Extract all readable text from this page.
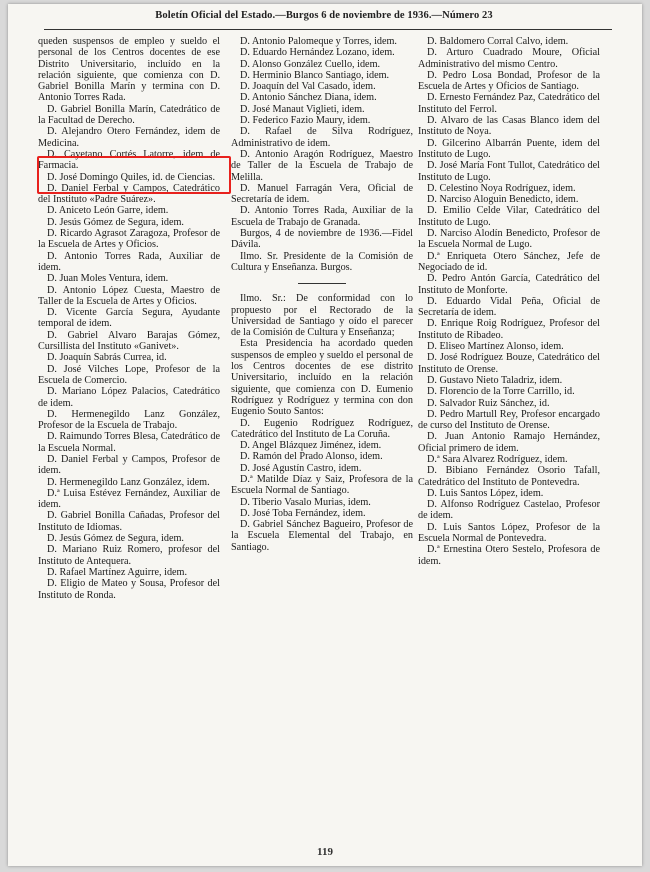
Boletín Oficial del Estado.—Burgos 6 de noviembre de 1936.—Número 23

queden suspensos de empleo y sueldo el personal de los Centros docentes de ese Distrito Universitario, incluído en la relación siguiente, que comienza con D. Gabriel Bonilla Marín y termina con D. Antonio Torres Rada.

D. Gabriel Bonilla Marín, Catedrático de la Facultad de Derecho.

D. Alejandro Otero Fernández, idem de Medicina.

D. Cayetano Cortés Latorre, idem de Farmacia.

D. José Domingo Quiles, id. de Ciencias.

D. Daniel Ferbal y Campos, Catedrático del Instituto «Padre Suárez».

D. Aniceto León Garre, idem.

D. Jesús Gómez de Segura, idem.

D. Ricardo Agrasot Zaragoza, Profesor de la Escuela de Artes y Oficios.

D. Antonio Torres Rada, Auxiliar de idem.

D. Juan Moles Ventura, idem.

D. Antonio López Cuesta, Maestro de Taller de la Escuela de Artes y Oficios.

D. Vicente García Segura, Ayudante temporal de idem.

D. Gabriel Alvaro Barajas Gómez, Cursillista del Instituto «Ganivet».

D. Joaquín Sabrás Currea, id.

D. José Vilches Lope, Profesor de la Escuela de Comercio.

D. Mariano López Palacios, Catedrático de idem.

D. Hermenegildo Lanz González, Profesor de la Escuela de Trabajo.

D. Raimundo Torres Blesa, Catedrático de la Escuela Normal.

D. Daniel Ferbal y Campos, Profesor de idem.

D. Hermenegildo Lanz González, idem.

D.ª Luisa Estévez Fernández, Auxiliar de idem.

D. Gabriel Bonilla Cañadas, Profesor del Instituto de Idiomas.

D. Jesús Gómez de Segura, idem.

D. Mariano Ruiz Romero, profesor del Instituto de Antequera.

D. Rafael Martínez Aguirre, idem.

D. Eligio de Mateo y Sousa, Profesor del Instituto de Ronda.

D. Antonio Palomeque y Torres, idem.

D. Eduardo Hernández Lozano, idem.

D. Alonso González Cuello, idem.

D. Herminio Blanco Santiago, idem.

D. Joaquín del Val Casado, idem.

D. Antonio Sánchez Diana, idem.

D. José Manaut Viglieti, idem.

D. Federico Fazio Maury, idem.

D. Rafael de Silva Rodríguez, Administrativo de idem.

D. Antonio Aragón Rodríguez, Maestro de Taller de la Escuela de Trabajo de Melilla.

D. Manuel Farragán Vera, Oficial de Secretaría de idem.

D. Antonio Torres Rada, Auxiliar de la Escuela de Trabajo de Granada.

Burgos, 4 de noviembre de 1936.—Fidel Dávila.

Ilmo. Sr. Presidente de la Comisión de Cultura y Enseñanza. Burgos.

Ilmo. Sr.: De conformidad con lo propuesto por el Rectorado de la Universidad de Santiago y oído el parecer de la Comisión de Cultura y Enseñanza;

Esta Presidencia ha acordado queden suspensos de empleo y sueldo el personal de los Centros docentes de ese distrito Universitario, incluído en la relación siguiente, que comienza con D. Eumenio Rodríguez y Rodríguez y termina con don Eugenio Souto Santos:

D. Eugenio Rodríguez Rodríguez, Catedrático del Instituto de La Coruña.

D. Angel Blázquez Jiménez, idem.

D. Ramón del Prado Alonso, idem.

D. José Agustín Castro, idem.

D.ª Matilde Díaz y Saiz, Profesora de la Escuela Normal de Santiago.

D. Tiberio Vasalo Murias, idem.

D. José Toba Fernández, idem.

D. Gabriel Sánchez Bagueiro, Profesor de la Escuela Elemental del Trabajo, en Santiago.

D. Baldomero Corral Calvo, idem.

D. Arturo Cuadrado Moure, Oficial Administrativo del mismo Centro.

D. Pedro Losa Bondad, Profesor de la Escuela de Artes y Oficios de Santiago.

D. Ernesto Fernández Paz, Catedrático del Instituto del Ferrol.

D. Alvaro de las Casas Blanco idem del Instituto de Noya.

D. Gilcerino Albarrán Puente, idem del Instituto de Lugo.

D. José María Font Tullot, Catedrático del Instituto de Lugo.

D. Celestino Noya Rodríguez, idem.

D. Narciso Aloguin Benedicto, idem.

D. Emilio Celde Vilar, Catedrático del Instituto de Lugo.

D. Narciso Alodín Benedicto, Profesor de la Escuela Normal de Lugo.

D.ª Enriqueta Otero Sánchez, Jefe de Negociado de id.

D. Pedro Antón García, Catedrático del Instituto de Monforte.

D. Eduardo Vidal Peña, Oficial de Secretaría de idem.

D. Enrique Roig Rodríguez, Profesor del Instituto de Ribadeo.

D. Eliseo Martínez Alonso, idem.

D. José Rodríguez Bouze, Catedrático del Instituto de Orense.

D. Gustavo Nieto Taladriz, idem.

D. Florencio de la Torre Carrillo, id.

D. Salvador Ruiz Sánchez, id.

D. Pedro Martull Rey, Profesor encargado de curso del Instituto de Orense.

D. Juan Antonio Ramajo Hernández, Oficial primero de idem.

D.ª Sara Alvarez Rodríguez, idem.

D. Bibiano Fernández Osorio Tafall, Catedrático del Instituto de Pontevedra.

D. Luis Santos López, idem.

D. Alfonso Rodríguez Castelao, Profesor de idem.

D. Luis Santos López, Profesor de la Escuela Normal de Pontevedra.

D.ª Ernestina Otero Sestelo, Profesora de idem.

119
